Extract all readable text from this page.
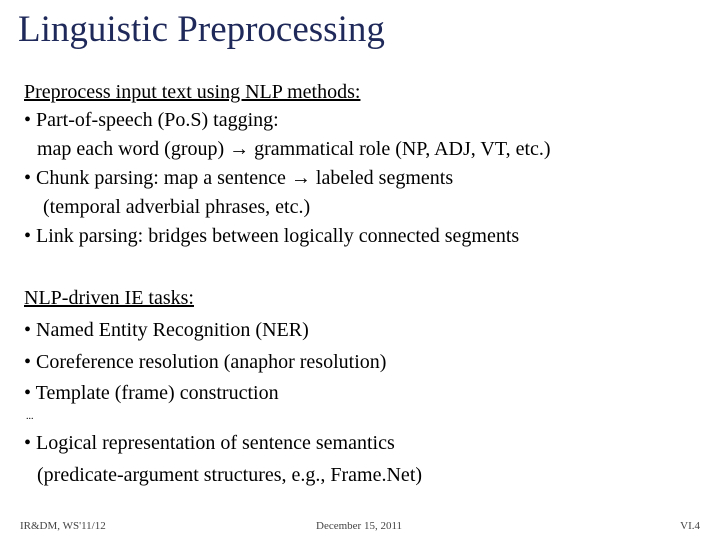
Linguistic Preprocessing
Preprocess input text using NLP methods:
• Part-of-speech (Po.S) tagging:
map each word (group) → grammatical role (NP, ADJ, VT, etc.)
• Chunk parsing: map a sentence → labeled segments
(temporal adverbial phrases, etc.)
• Link parsing: bridges between logically connected segments
NLP-driven IE tasks:
• Named Entity Recognition (NER)
• Coreference resolution (anaphor resolution)
• Template (frame) construction
...
• Logical representation of sentence semantics
(predicate-argument structures, e.g., Frame.Net)
IR&DM, WS'11/12	December 15, 2011	VI.4
